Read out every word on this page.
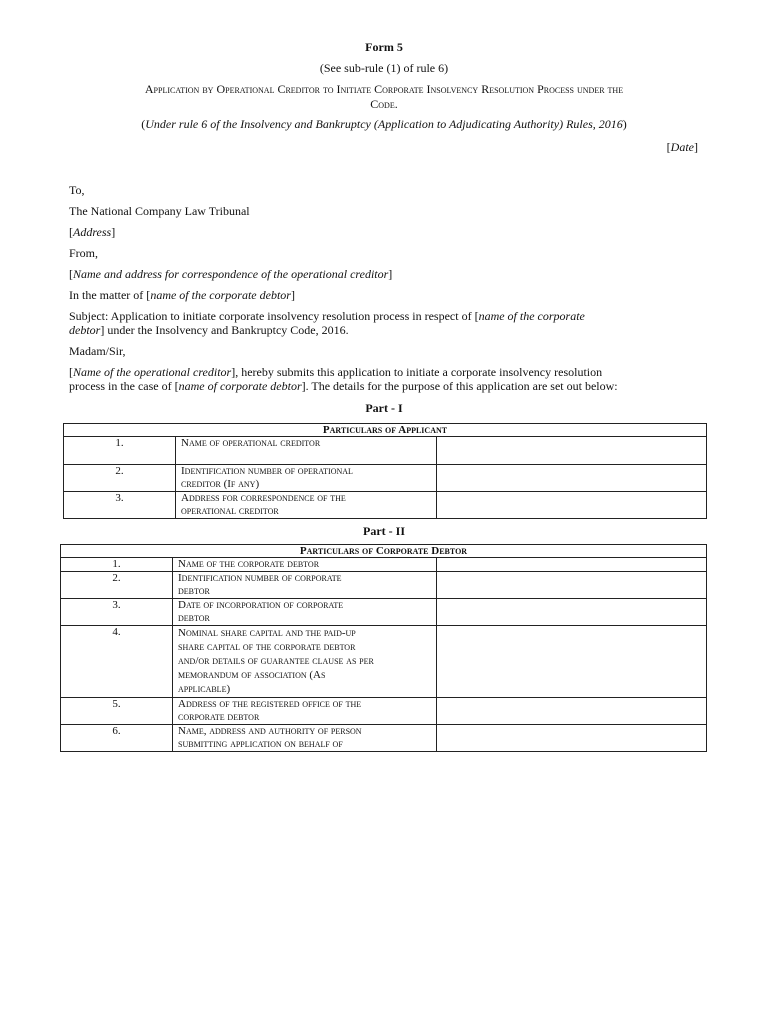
Form 5
(See sub-rule (1) of rule 6)
Application by Operational Creditor to Initiate Corporate Insolvency Resolution Process under the
Code.
(Under rule 6 of the Insolvency and Bankruptcy (Application to Adjudicating Authority) Rules, 2016)
[Date]
To,
The National Company Law Tribunal
[Address]
From,
[Name and address for correspondence of the operational creditor]
In the matter of [name of the corporate debtor]
Subject: Application to initiate corporate insolvency resolution process in respect of [name of the corporate
debtor] under the Insolvency and Bankruptcy Code, 2016.
Madam/Sir,
[Name of the operational creditor], hereby submits this application to initiate a corporate insolvency resolution
process in the case of [name of corporate debtor]. The details for the purpose of this application are set out below:
Part - I
Particulars of Applicant		
1.	Name of operational creditor	

2.	Identification number of operational
creditor (If any)	

3.	Address for correspondence of the
operational creditor	

Part - II
Particulars of Corporate Debtor		
1.	Name of the corporate debtor	

2.	Identification number of corporate
debtor	

3.	Date of incorporation of corporate
debtor	

4.	Nominal share capital and the paid-up
share capital of the corporate debtor
and/or details of guarantee clause as per
memorandum of association (As
applicable)	

5.	Address of the registered office of the
corporate debtor	

6.	Name, address and authority of person
submitting application on behalf of	
